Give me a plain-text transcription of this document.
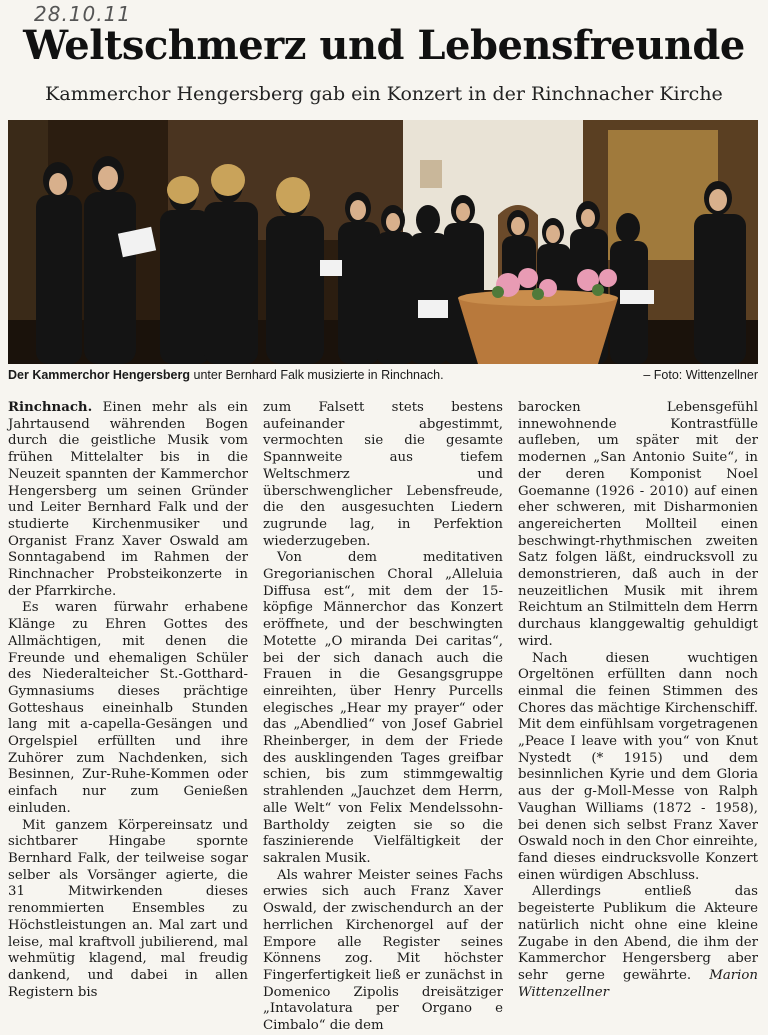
28.10.11
Weltschmerz und Lebensfreunde
Kammerchor Hengersberg gab ein Konzert in der Rinchnacher Kirche
Der Kammerchor Hengersberg unter Bernhard Falk musizierte in Rinchnach.	– Foto: Wittenzellner

Rinchnach. Einen mehr als ein Jahrtausend währenden Bogen durch die geistliche Musik vom frühen Mittelalter bis in die Neuzeit spannten der Kammerchor Hengersberg um seinen Gründer und Leiter Bernhard Falk und der studierte Kirchenmusiker und Organist Franz Xaver Oswald am Sonntagabend im Rahmen der Rinchnacher Probsteikonzerte in der Pfarrkirche.

Es waren fürwahr erhabene Klänge zu Ehren Gottes des Allmächtigen, mit denen die Freunde und ehemaligen Schüler des Niederalteicher St.-Gotthard-Gymnasiums dieses prächtige Gotteshaus eineinhalb Stunden lang mit a-capella-Gesängen und Orgelspiel erfüllten und ihre Zuhörer zum Nachdenken, sich Besinnen, Zur-Ruhe-Kommen oder einfach nur zum Genießen einluden.

Mit ganzem Körpereinsatz und sichtbarer Hingabe spornte Bernhard Falk, der teilweise sogar selber als Vorsänger agierte, die 31 Mitwirkenden dieses renommierten Ensembles zu Höchstleistungen an. Mal zart und leise, mal kraftvoll jubilierend, mal wehmütig klagend, mal freudig dankend, und dabei in allen Registern bis

zum Falsett stets bestens aufeinander abgestimmt, vermochten sie die gesamte Spannweite aus tiefem Weltschmerz und überschwenglicher Lebensfreude, die den ausgesuchten Liedern zugrunde lag, in Perfektion wiederzugeben.

Von dem meditativen Gregorianischen Choral „Alleluia Diffusa est“, mit dem der 15-köpfige Männerchor das Konzert eröffnete, und der beschwingten Motette „O miranda Dei caritas“, bei der sich danach auch die Frauen in die Gesangsgruppe einreihten, über Henry Purcells elegisches „Hear my prayer“ oder das „Abendlied“ von Josef Gabriel Rheinberger, in dem der Friede des ausklingenden Tages greifbar schien, bis zum stimmgewaltig strahlenden „Jauchzet dem Herrn, alle Welt“ von Felix Mendelssohn-Bartholdy zeigten sie so die faszinierende Vielfältigkeit der sakralen Musik.

Als wahrer Meister seines Fachs erwies sich auch Franz Xaver Oswald, der zwischendurch an der herrlichen Kirchenorgel auf der Empore alle Register seines Könnens zog. Mit höchster Fingerfertigkeit ließ er zunächst in Domenico Zipolis dreisätziger „Intavolatura per Organo e Cimbalo“ die dem

barocken Lebensgefühl innewohnende Kontrastfülle aufleben, um später mit der modernen „San Antonio Suite“, in der deren Komponist Noel Goemanne (1926 - 2010) auf einen eher schweren, mit Disharmonien angereicherten Mollteil einen beschwingt-rhythmischen zweiten Satz folgen läßt, eindrucksvoll zu demonstrieren, daß auch in der neuzeitlichen Musik mit ihrem Reichtum an Stilmitteln dem Herrn durchaus klanggewaltig gehuldigt wird.

Nach diesen wuchtigen Orgeltönen erfüllten dann noch einmal die feinen Stimmen des Chores das mächtige Kirchenschiff. Mit dem einfühlsam vorgetragenen „Peace I leave with you“ von Knut Nystedt (* 1915) und dem besinnlichen Kyrie und dem Gloria aus der g-Moll-Messe von Ralph Vaughan Williams (1872 - 1958), bei denen sich selbst Franz Xaver Oswald noch in den Chor einreihte, fand dieses eindrucksvolle Konzert einen würdigen Abschluss.

Allerdings entließ das begeisterte Publikum die Akteure natürlich nicht ohne eine kleine Zugabe in den Abend, die ihm der Kammerchor Hengersberg aber sehr gerne gewährte. Marion Wittenzellner
